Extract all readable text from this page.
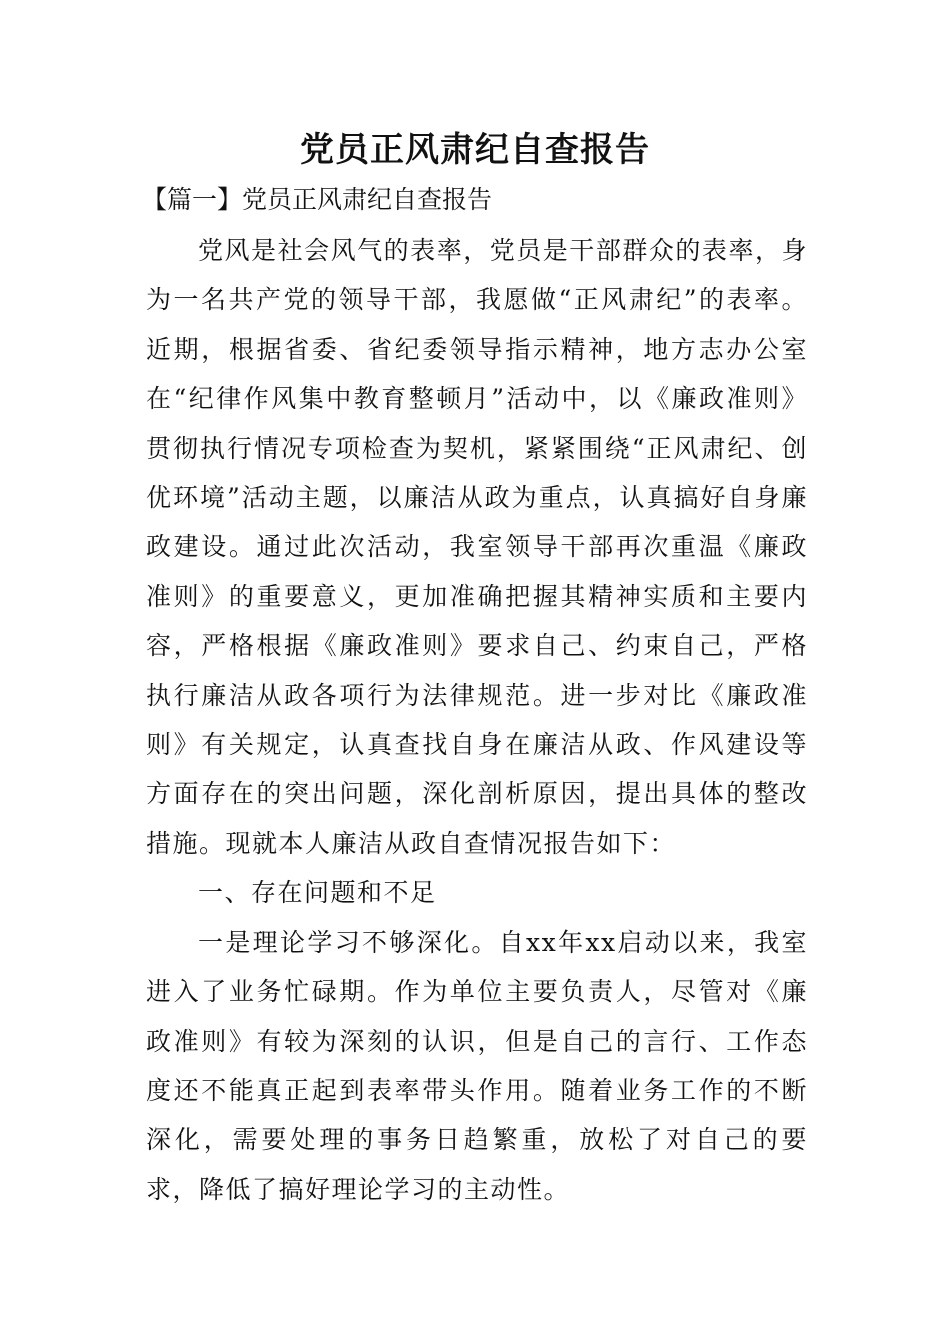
党员正风肃纪自查报告
【篇一】党员正风肃纪自查报告

党风是社会风气的表率，党员是干部群众的表率，身为一名共产党的领导干部，我愿做“正风肃纪”的表率。近期，根据省委、省纪委领导指示精神，地方志办公室在“纪律作风集中教育整顿月”活动中，以《廉政准则》贯彻执行情况专项检查为契机，紧紧围绕“正风肃纪、创优环境”活动主题，以廉洁从政为重点，认真搞好自身廉政建设。通过此次活动，我室领导干部再次重温《廉政准则》的重要意义，更加准确把握其精神实质和主要内容，严格根据《廉政准则》要求自己、约束自己，严格执行廉洁从政各项行为法律规范。进一步对比《廉政准则》有关规定，认真查找自身在廉洁从政、作风建设等方面存在的突出问题，深化剖析原因，提出具体的整改措施。现就本人廉洁从政自查情况报告如下：

一、存在问题和不足

一是理论学习不够深化。自xx年xx启动以来，我室进入了业务忙碌期。作为单位主要负责人，尽管对《廉政准则》有较为深刻的认识，但是自己的言行、工作态度还不能真正起到表率带头作用。随着业务工作的不断深化，需要处理的事务日趋繁重，放松了对自己的要求，降低了搞好理论学习的主动性。
